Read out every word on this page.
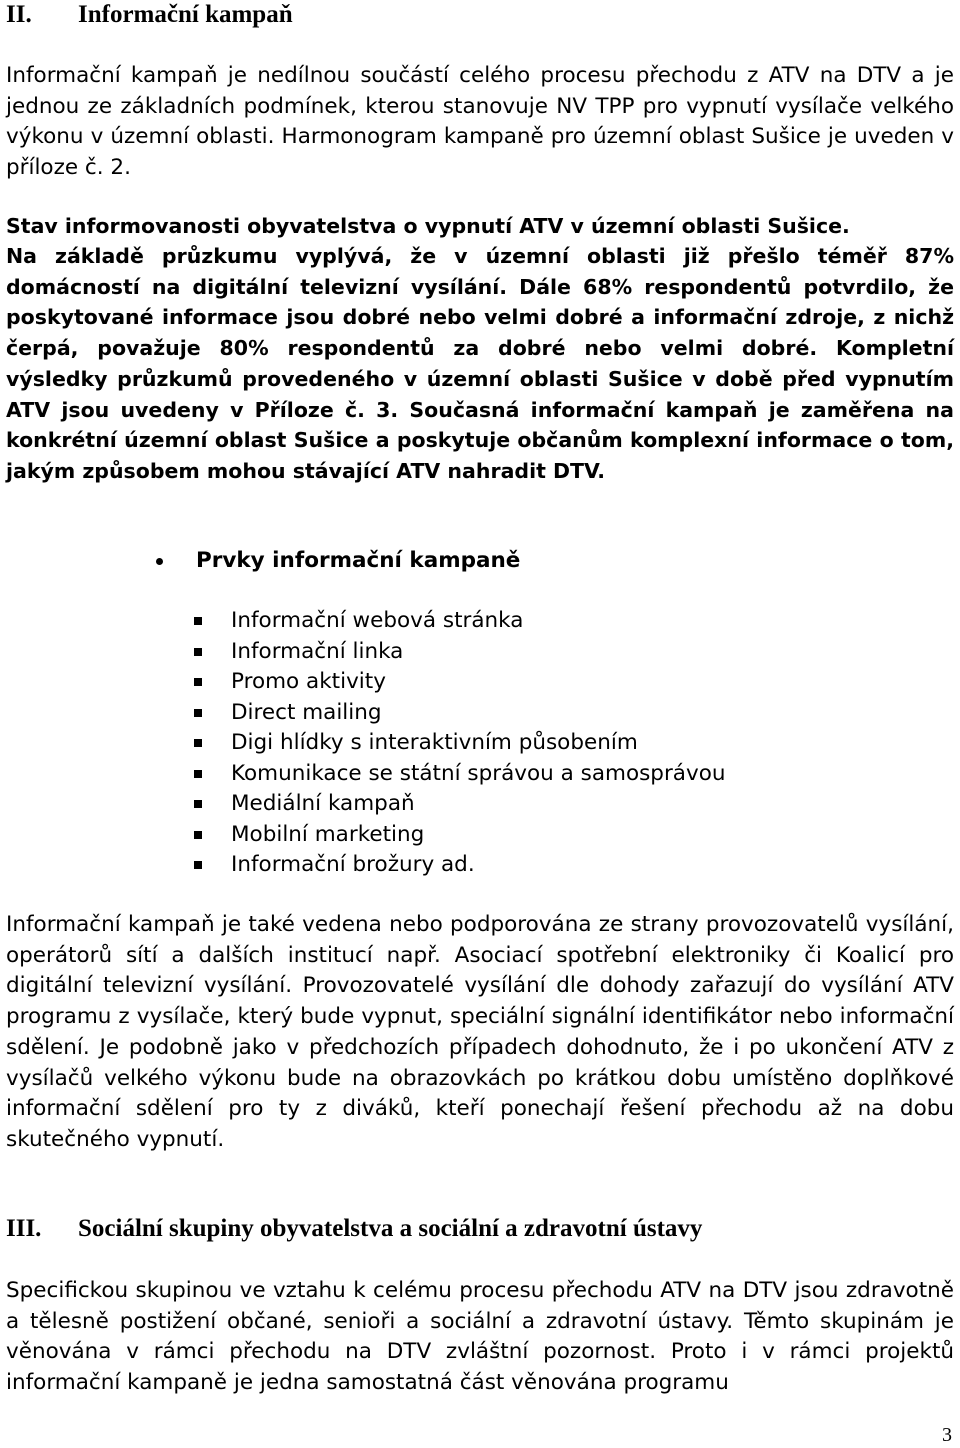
II. Informační kampaň
Informační kampaň je nedílnou součástí celého procesu přechodu z ATV na DTV a je jednou ze základních podmínek, kterou stanovuje NV TPP pro vypnutí vysílače velkého výkonu v územní oblasti. Harmonogram kampaně pro územní oblast Sušice je uveden v příloze č. 2.
Stav informovanosti obyvatelstva o vypnutí ATV v územní oblasti Sušice.
Na základě průzkumu vyplývá, že v územní oblasti již přešlo téměř 87% domácností na digitální televizní vysílání. Dále 68% respondentů potvrdilo, že poskytované informace jsou dobré nebo velmi dobré a informační zdroje, z nichž čerpá, považuje 80% respondentů za dobré nebo velmi dobré. Kompletní výsledky průzkumů provedeného v územní oblasti Sušice v době před vypnutím ATV jsou uvedeny v Příloze č. 3. Současná informační kampaň je zaměřena na konkrétní územní oblast Sušice a poskytuje občanům komplexní informace o tom, jakým způsobem mohou stávající ATV nahradit DTV.
Prvky informační kampaně
Informační webová stránka
Informační linka
Promo aktivity
Direct mailing
Digi hlídky s interaktivním působením
Komunikace se státní správou a samosprávou
Mediální kampaň
Mobilní marketing
Informační brožury ad.
Informační kampaň je také vedena nebo podporována ze strany provozovatelů vysílání, operátorů sítí a dalších institucí např. Asociací spotřební elektroniky či Koalicí pro digitální televizní vysílání. Provozovatelé vysílání dle dohody zařazují do vysílání ATV programu z vysílače, který bude vypnut, speciální signální identifikátor nebo informační sdělení. Je podobně jako v předchozích případech dohodnuto, že i po ukončení ATV z vysílačů velkého výkonu bude na obrazovkách po krátkou dobu umístěno doplňkové informační sdělení pro ty z diváků, kteří ponechají řešení přechodu až na dobu skutečného vypnutí.
III. Sociální skupiny obyvatelstva a sociální a zdravotní ústavy
Specifickou skupinou ve vztahu k celému procesu přechodu ATV na DTV jsou zdravotně a tělesně postižení občané, senioři a sociální a zdravotní ústavy. Těmto skupinám je věnována v rámci přechodu na DTV zvláštní pozornost. Proto i v rámci projektů informační kampaně je jedna samostatná část věnována programu
3
